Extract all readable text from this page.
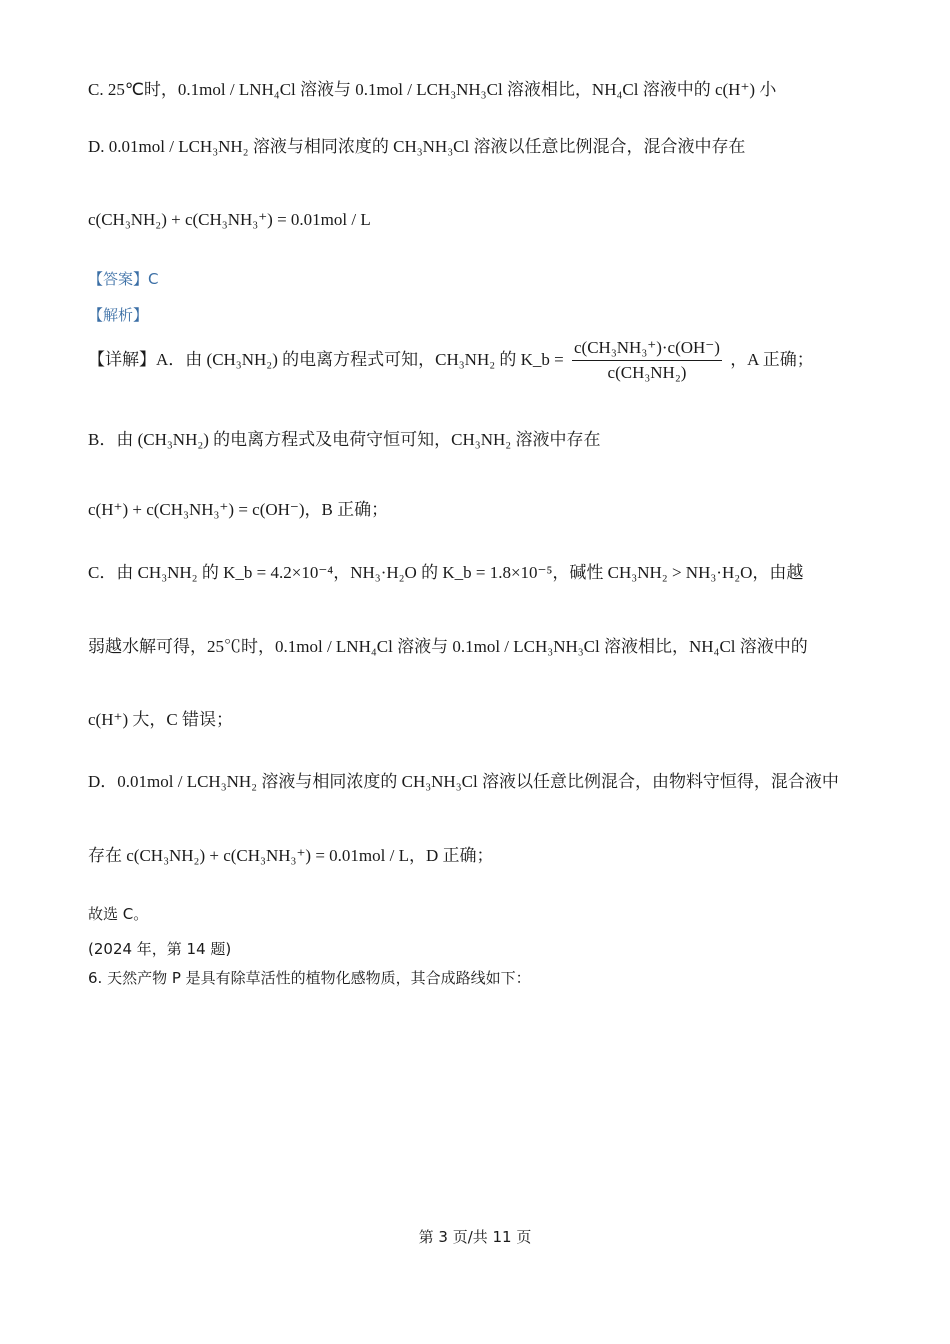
C. 25℃时，0.1mol / LNH₄Cl 溶液与 0.1mol / LCH₃NH₃Cl 溶液相比，NH₄Cl 溶液中的 c(H⁺) 小
D. 0.01mol / LCH₃NH₂ 溶液与相同浓度的 CH₃NH₃Cl 溶液以任意比例混合，混合液中存在
c(CH₃NH₂) + c(CH₃NH₃⁺) = 0.01mol / L
【答案】C
【解析】
【详解】A．由 (CH₃NH₂) 的电离方程式可知，CH₃NH₂ 的 K_b = $\frac{\text{c(CH₃NH₃⁺)·c(OH⁻)}}{\text{c(CH₃NH₂)}}$ ，A 正确；
B．由 (CH₃NH₂) 的电离方程式及电荷守恒可知，CH₃NH₂ 溶液中存在
c(H⁺) + c(CH₃NH₃⁺) = c(OH⁻)，B 正确；
C．由 CH₃NH₂ 的 K_b = 4.2×10⁻⁴，NH₃·H₂O 的 K_b = 1.8×10⁻⁵，碱性 CH₃NH₂ > NH₃·H₂O，由越
弱越水解可得，25℃时，0.1mol / LNH₄Cl 溶液与 0.1mol / LCH₃NH₃Cl 溶液相比，NH₄Cl 溶液中的
c(H⁺) 大，C 错误；
D．0.01mol / LCH₃NH₂ 溶液与相同浓度的 CH₃NH₃Cl 溶液以任意比例混合，由物料守恒得，混合液中
存在 c(CH₃NH₂) + c(CH₃NH₃⁺) = 0.01mol / L，D 正确；
故选 C。
(2024 年，第 14 题)
6. 天然产物 P 是具有除草活性的植物化感物质，其合成路线如下：
第 3 页/共 11 页
